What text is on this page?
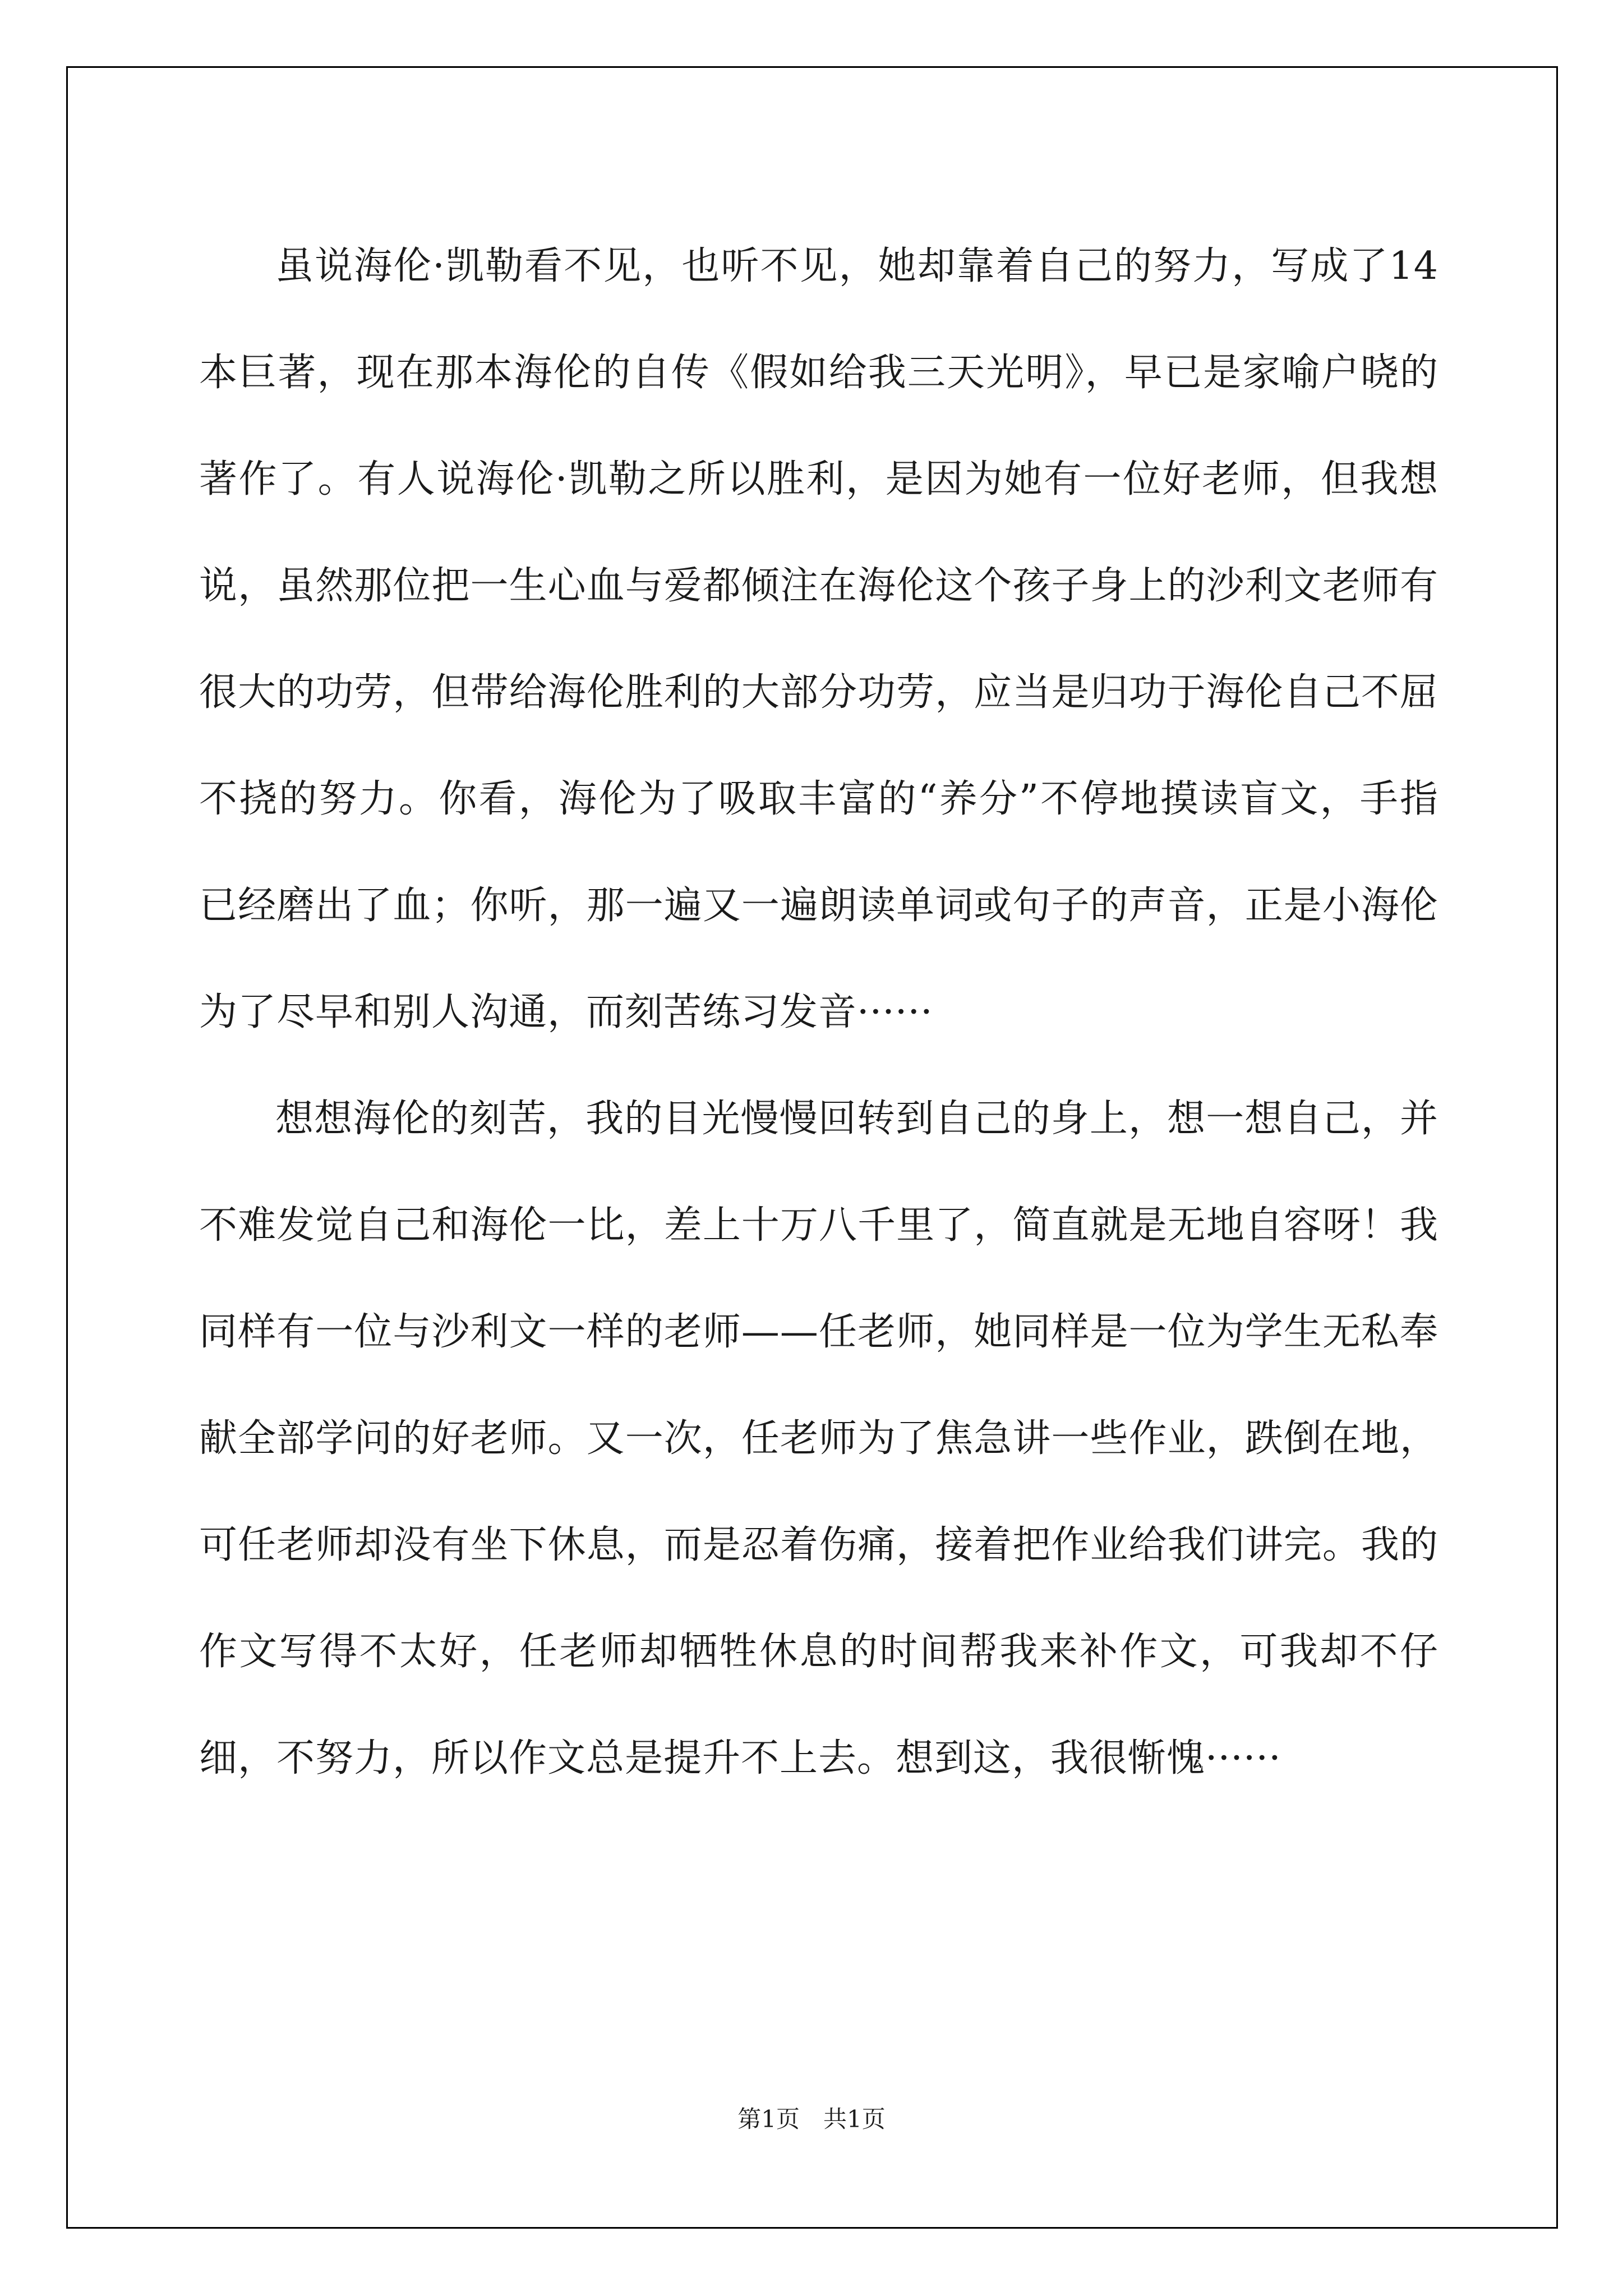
虽说海伦·凯勒看不见，也听不见，她却靠着自己的努力，写成了14本巨著，现在那本海伦的自传《假如给我三天光明》，早已是家喻户晓的著作了。有人说海伦·凯勒之所以胜利，是因为她有一位好老师，但我想说，虽然那位把一生心血与爱都倾注在海伦这个孩子身上的沙利文老师有很大的功劳，但带给海伦胜利的大部分功劳，应当是归功于海伦自己不屈不挠的努力。你看，海伦为了吸取丰富的“养分”不停地摸读盲文，手指已经磨出了血；你听，那一遍又一遍朗读单词或句子的声音，正是小海伦为了尽早和别人沟通，而刻苦练习发音······

想想海伦的刻苦，我的目光慢慢回转到自己的身上，想一想自己，并不难发觉自己和海伦一比，差上十万八千里了，简直就是无地自容呀！我同样有一位与沙利文一样的老师——任老师，她同样是一位为学生无私奉献全部学问的好老师。又一次，任老师为了焦急讲一些作业，跌倒在地，可任老师却没有坐下休息，而是忍着伤痛，接着把作业给我们讲完。我的作文写得不太好，任老师却牺牲休息的时间帮我来补作文，可我却不仔细，不努力，所以作文总是提升不上去。想到这，我很惭愧······

第1页　共1页
